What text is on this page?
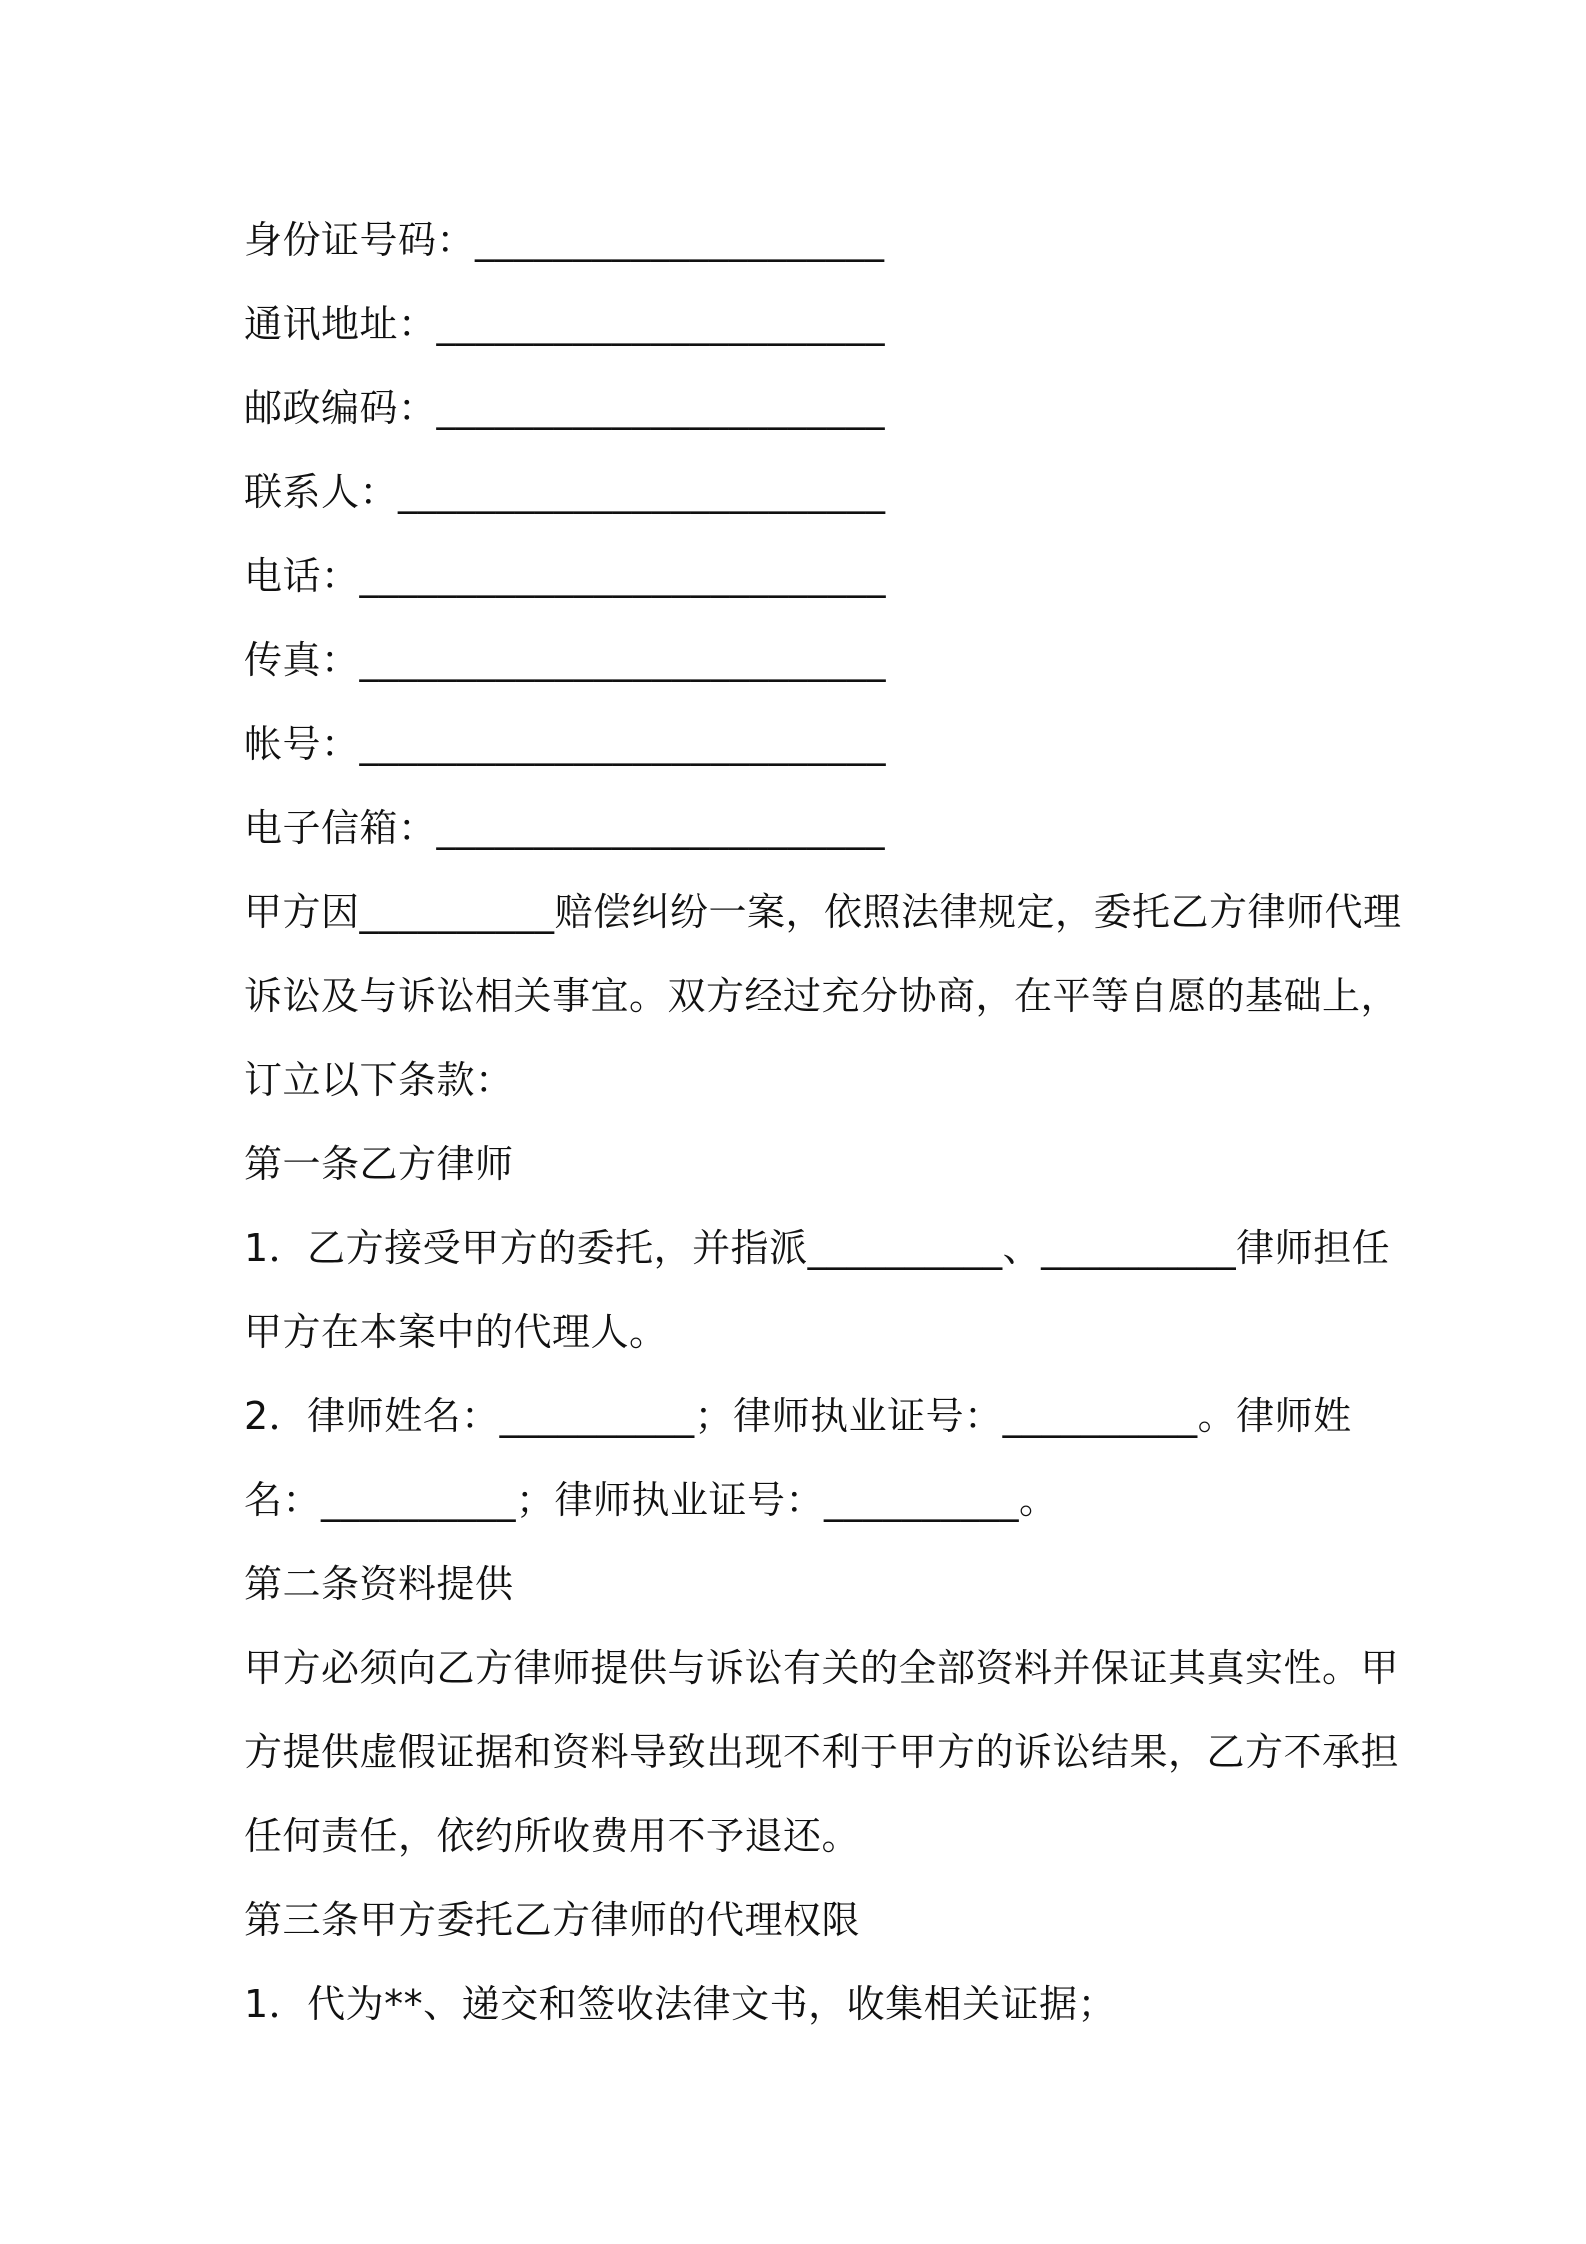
身份证号码：_____________________

通讯地址：_______________________

邮政编码：_______________________

联系人：_________________________

电话：___________________________

传真：___________________________

帐号：___________________________

电子信箱：_______________________

甲方因__________赔偿纠纷一案，依照法律规定，委托乙方律师代理

诉讼及与诉讼相关事宜。双方经过充分协商，在平等自愿的基础上，

订立以下条款：

第一条乙方律师

1．乙方接受甲方的委托，并指派__________、__________律师担任

甲方在本案中的代理人。

2．律师姓名：__________；律师执业证号：__________。律师姓

名：__________；律师执业证号：__________。

第二条资料提供

甲方必须向乙方律师提供与诉讼有关的全部资料并保证其真实性。甲

方提供虚假证据和资料导致出现不利于甲方的诉讼结果，乙方不承担

任何责任，依约所收费用不予退还。

第三条甲方委托乙方律师的代理权限

1．代为**、递交和签收法律文书，收集相关证据；
